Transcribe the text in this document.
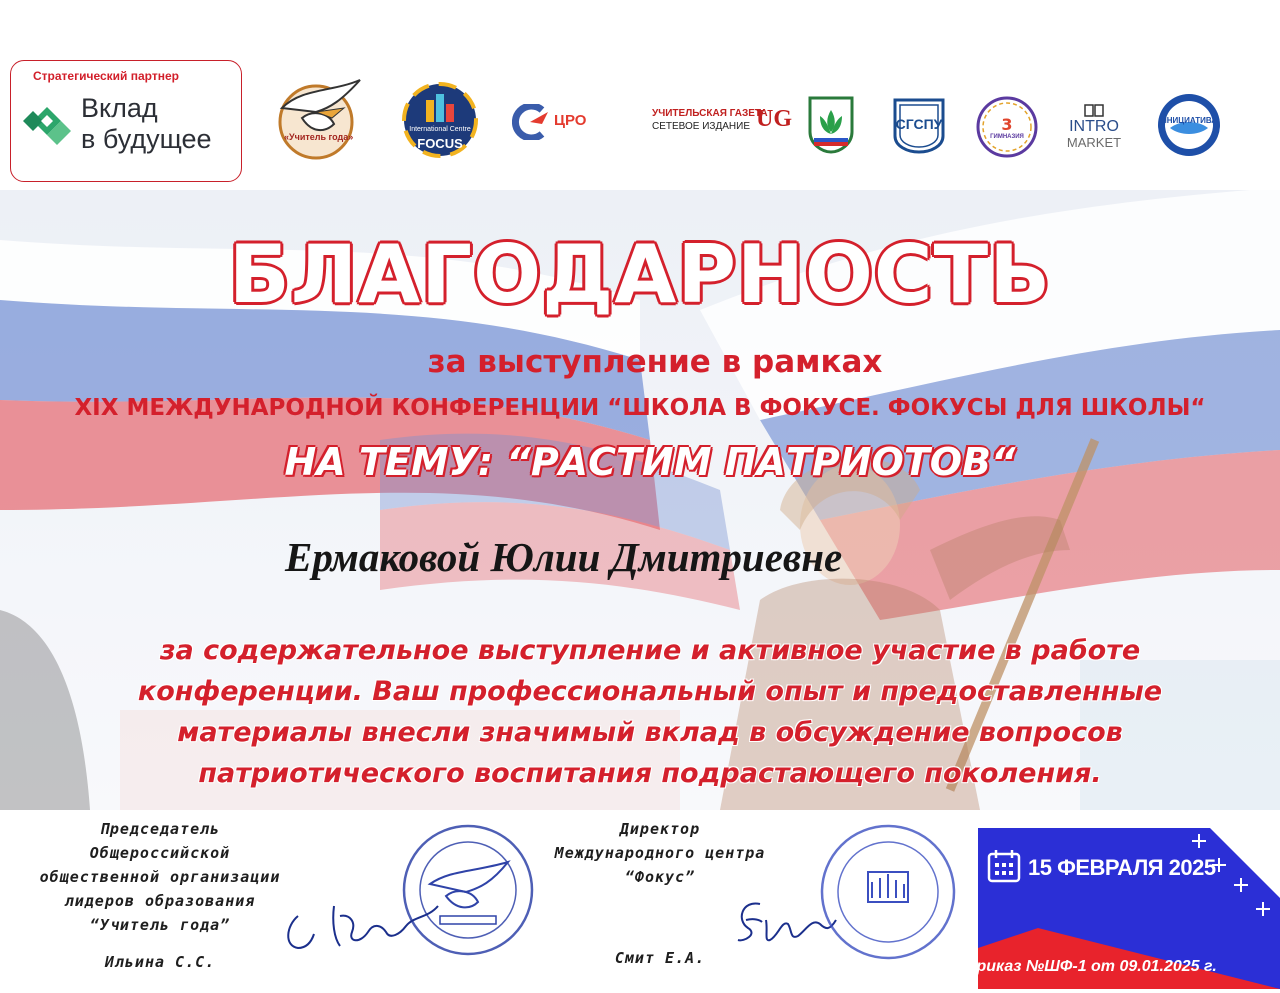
Стратегический партнер
Вклад
в будущее	«Учитель года»
International Centre
FOCUS
ЦРО	УЧИТЕЛЬСКАЯ ГАЗЕТА
СЕТЕВОЕ ИЗДАНИЕ UG	СГСПУ	3
ГИМНАЗИЯ
INTRO
MARKET
ИНИЦИАТИВА
БЛАГОДАРНОСТЬ
за выступление в рамках
XIX МЕЖДУНАРОДНОЙ КОНФЕРЕНЦИИ “ШКОЛА В ФОКУСЕ. ФОКУСЫ ДЛЯ ШКОЛЫ“
НА ТЕМУ: “РАСТИМ ПАТРИОТОВ“
Ермаковой Юлии Дмитриевне
за содержательное выступление и активное участие в работе
конференции. Ваш профессиональный опыт и предоставленные
материалы внесли значимый вклад в обсуждение вопросов
патриотического воспитания подрастающего поколения.
Председатель
Общероссийской
общественной организации
лидеров образования
“Учитель года”
Ильина С.С.
Директор
Международного центра
“Фокус”
Смит Е.А.
15 ФЕВРАЛЯ 2025
Приказ №ШФ-1 от 09.01.2025 г.
